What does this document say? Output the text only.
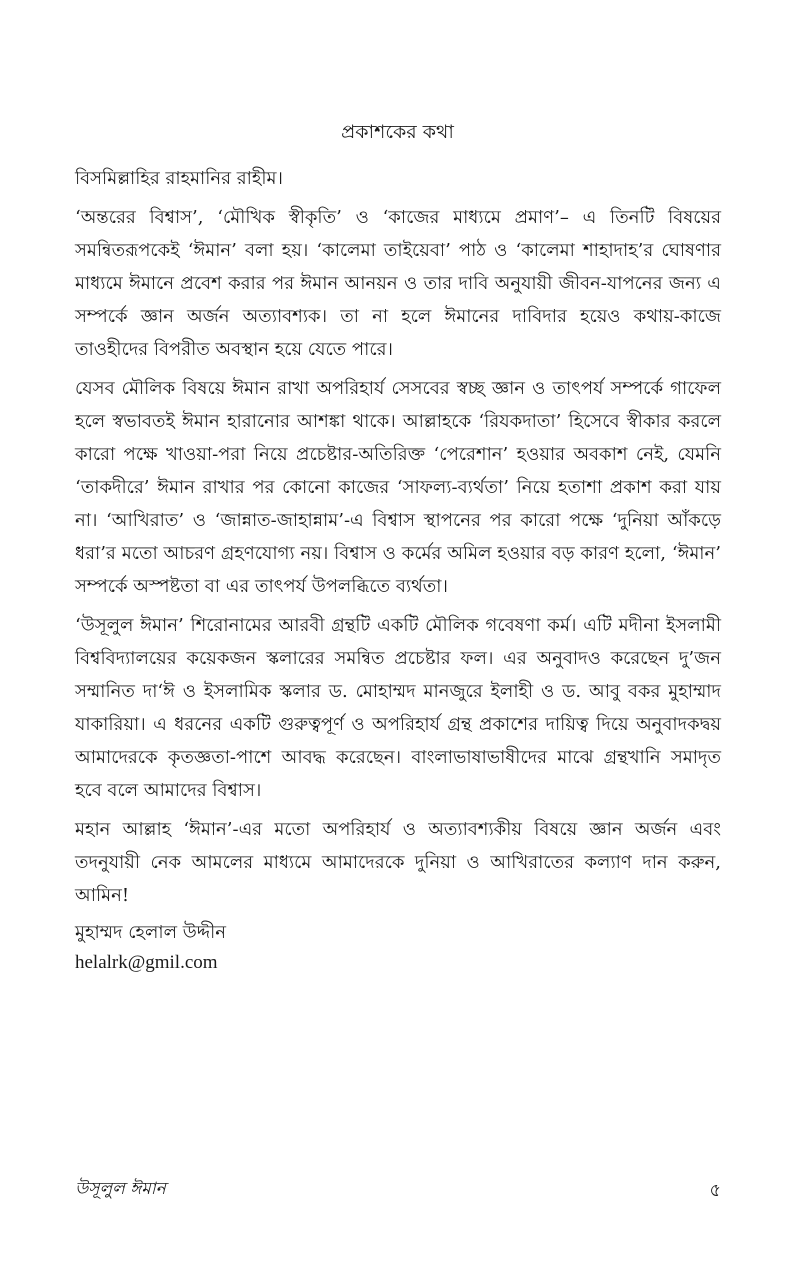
প্রকাশকের কথা

বিসমিল্লাহির রাহমানির রাহীম।

‘অন্তরের বিশ্বাস’, ‘মৌখিক স্বীকৃতি’ ও ‘কাজের মাধ্যমে প্রমাণ’– এ তিনটি বিষয়ের সমন্বিতরূপকেই ‘ঈমান’ বলা হয়। ‘কালেমা তাইয়েবা’ পাঠ ও ‘কালেমা শাহাদাহ’র ঘোষণার মাধ্যমে ঈমানে প্রবেশ করার পর ঈমান আনয়ন ও তার দাবি অনুযায়ী জীবন-যাপনের জন্য এ সম্পর্কে জ্ঞান অর্জন অত্যাবশ্যক। তা না হলে ঈমানের দাবিদার হয়েও কথায়-কাজে তাওহীদের বিপরীত অবস্থান হয়ে যেতে পারে।

যেসব মৌলিক বিষয়ে ঈমান রাখা অপরিহার্য সেসবের স্বচ্ছ জ্ঞান ও তাৎপর্য সম্পর্কে গাফেল হলে স্বভাবতই ঈমান হারানোর আশঙ্কা থাকে। আল্লাহকে ‘রিযকদাতা’ হিসেবে স্বীকার করলে কারো পক্ষে খাওয়া-পরা নিয়ে প্রচেষ্টার-অতিরিক্ত ‘পেরেশান’ হওয়ার অবকাশ নেই, যেমনি ‘তাকদীরে’ ঈমান রাখার পর কোনো কাজের ‘সাফল্য-ব্যর্থতা’ নিয়ে হতাশা প্রকাশ করা যায় না। ‘আখিরাত’ ও ‘জান্নাত-জাহান্নাম’-এ বিশ্বাস স্থাপনের পর কারো পক্ষে ‘দুনিয়া আঁকড়ে ধরা’র মতো আচরণ গ্রহণযোগ্য নয়। বিশ্বাস ও কর্মের অমিল হওয়ার বড় কারণ হলো, ‘ঈমান’ সম্পর্কে অস্পষ্টতা বা এর তাৎপর্য উপলব্ধিতে ব্যর্থতা।

‘উসূলুল ঈমান’ শিরোনামের আরবী গ্রন্থটি একটি মৌলিক গবেষণা কর্ম। এটি মদীনা ইসলামী বিশ্ববিদ্যালয়ের কয়েকজন স্কলারের সমন্বিত প্রচেষ্টার ফল। এর অনুবাদও করেছেন দু’জন সম্মানিত দা‘ঈ ও ইসলামিক স্কলার ড. মোহাম্মদ মানজুরে ইলাহী ও ড. আবু বকর মুহাম্মাদ যাকারিয়া। এ ধরনের একটি গুরুত্বপূর্ণ ও অপরিহার্য গ্রন্থ প্রকাশের দায়িত্ব দিয়ে অনুবাদকদ্বয় আমাদেরকে কৃতজ্ঞতা-পাশে আবদ্ধ করেছেন। বাংলাভাষাভাষীদের মাঝে গ্রন্থখানি সমাদৃত হবে বলে আমাদের বিশ্বাস।

মহান আল্লাহ ‘ঈমান’-এর মতো অপরিহার্য ও অত্যাবশ্যকীয় বিষয়ে জ্ঞান অর্জন এবং তদনুযায়ী নেক আমলের মাধ্যমে আমাদেরকে দুনিয়া ও আখিরাতের কল্যাণ দান করুন, আমিন!

মুহাম্মদ হেলাল উদ্দীন
helalrk@gmil.com
উসূলুল ঈমান	৫
